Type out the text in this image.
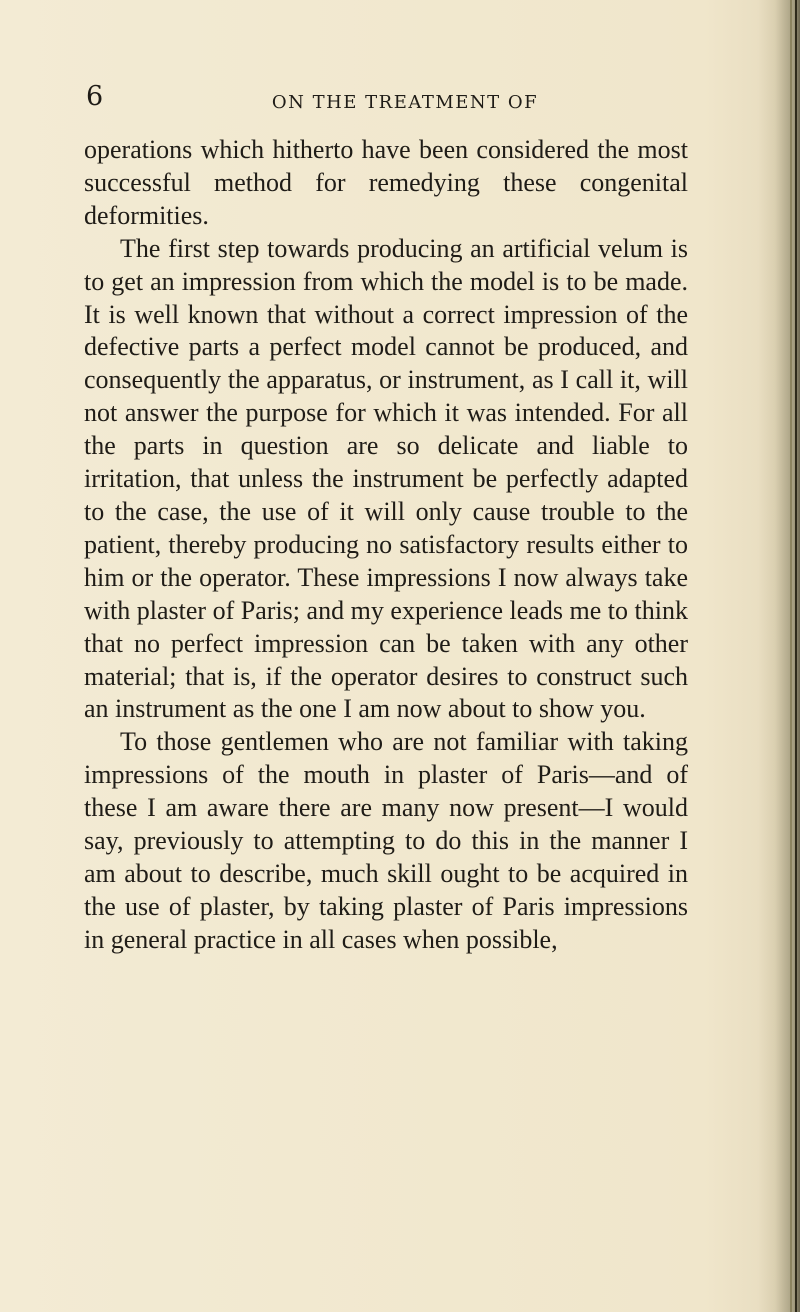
6	ON THE TREATMENT OF

operations which hitherto have been considered the most successful method for remedying these congenital deformities.

The first step towards producing an artificial velum is to get an impression from which the model is to be made. It is well known that without a correct impression of the defective parts a perfect model cannot be produced, and consequently the apparatus, or instrument, as I call it, will not answer the purpose for which it was intended. For all the parts in question are so delicate and liable to irritation, that unless the instrument be perfectly adapted to the case, the use of it will only cause trouble to the patient, thereby producing no satisfactory results either to him or the operator. These impressions I now always take with plaster of Paris; and my experience leads me to think that no perfect impression can be taken with any other material; that is, if the operator desires to construct such an instrument as the one I am now about to show you.

To those gentlemen who are not familiar with taking impressions of the mouth in plaster of Paris—and of these I am aware there are many now present—I would say, previously to attempting to do this in the manner I am about to describe, much skill ought to be acquired in the use of plaster, by taking plaster of Paris impressions in general practice in all cases when possible,
